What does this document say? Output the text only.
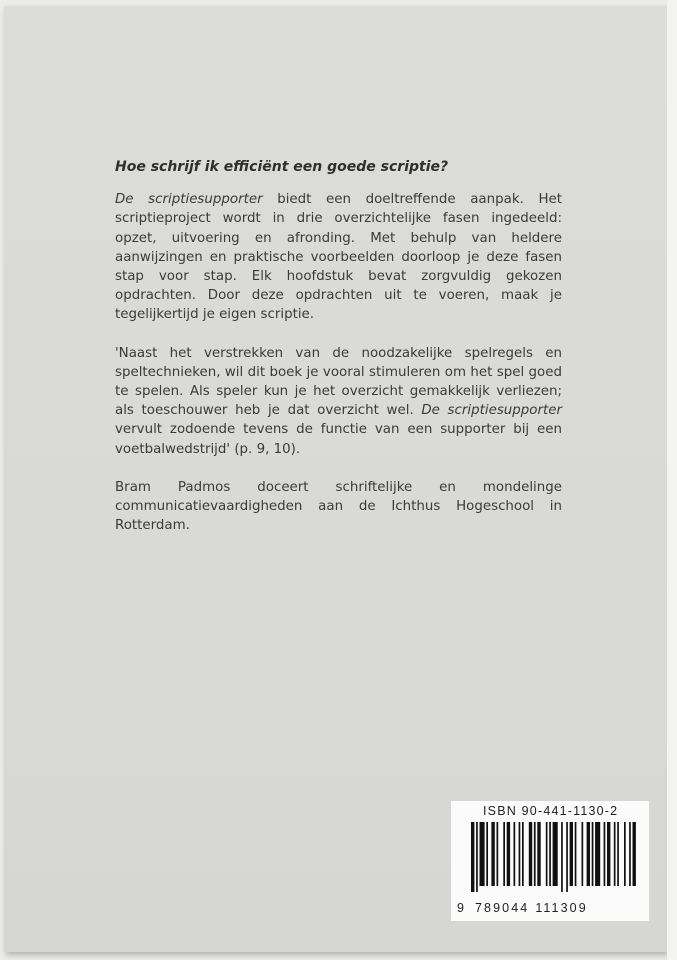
Hoe schrijf ik efficiënt een goede scriptie?

De scriptiesupporter biedt een doeltreffende aanpak. Het scriptieproject wordt in drie overzichtelijke fasen ingedeeld: opzet, uitvoering en afronding. Met behulp van heldere aanwijzingen en praktische voorbeelden doorloop je deze fasen stap voor stap. Elk hoofdstuk bevat zorgvuldig gekozen opdrachten. Door deze opdrachten uit te voeren, maak je tegelijkertijd je eigen scriptie.

'Naast het verstrekken van de noodzakelijke spelregels en speltechnieken, wil dit boek je vooral stimuleren om het spel goed te spelen. Als speler kun je het overzicht gemakkelijk verliezen; als toeschouwer heb je dat overzicht wel. De scriptiesupporter vervult zodoende tevens de functie van een supporter bij een voetbalwedstrijd' (p. 9, 10).

Bram Padmos doceert schriftelijke en mondelinge communicatievaardigheden aan de Ichthus Hogeschool in Rotterdam.

ISBN 90-441-1130-2
9 789044 111309
